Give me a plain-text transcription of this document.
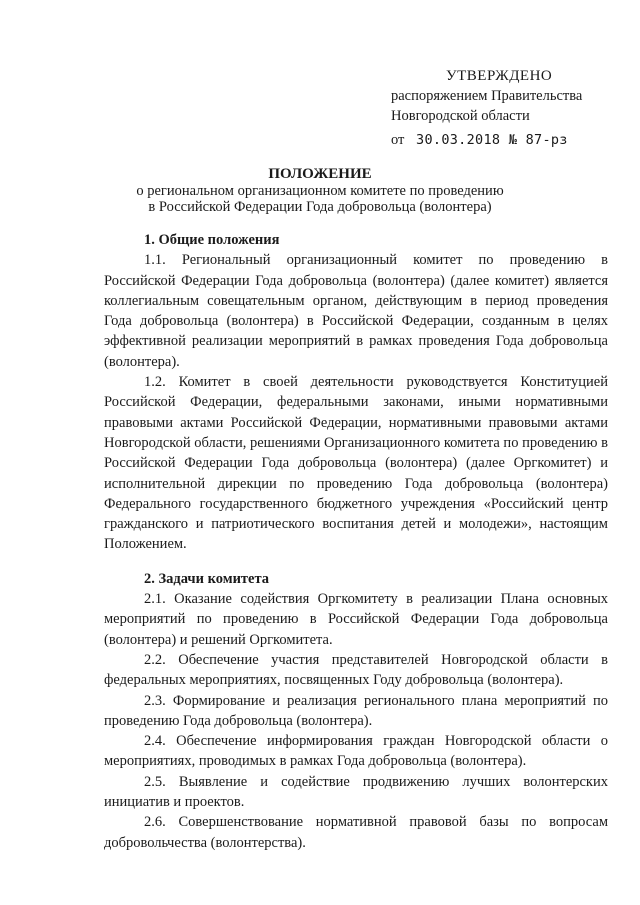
УТВЕРЖДЕНО
распоряжением Правительства
Новгородской области
от 30.03.2018 № 87-рз
ПОЛОЖЕНИЕ
о региональном организационном комитете по проведению
в Российской Федерации Года добровольца (волонтера)

1. Общие положения

1.1. Региональный организационный комитет по проведению в Российской Федерации Года добровольца (волонтера) (далее комитет) является коллегиальным совещательным органом, действующим в период проведения Года добровольца (волонтера) в Российской Федерации, созданным в целях эффективной реализации мероприятий в рамках проведения Года добровольца (волонтера).

1.2. Комитет в своей деятельности руководствуется Конституцией Российской Федерации, федеральными законами, иными нормативными правовыми актами Российской Федерации, нормативными правовыми актами Новгородской области, решениями Организационного комитета по проведению в Российской Федерации Года добровольца (волонтера) (далее Оргкомитет) и исполнительной дирекции по проведению Года добровольца (волонтера) Федерального государственного бюджетного учреждения «Российский центр гражданского и патриотического воспитания детей и молодежи», настоящим Положением.

2. Задачи комитета

2.1. Оказание содействия Оргкомитету в реализации Плана основных мероприятий по проведению в Российской Федерации Года добровольца (волонтера) и решений Оргкомитета.

2.2. Обеспечение участия представителей Новгородской области в федеральных мероприятиях, посвященных Году добровольца (волонтера).

2.3. Формирование и реализация регионального плана мероприятий по проведению Года добровольца (волонтера).

2.4. Обеспечение информирования граждан Новгородской области о мероприятиях, проводимых в рамках Года добровольца (волонтера).

2.5. Выявление и содействие продвижению лучших волонтерских инициатив и проектов.

2.6. Совершенствование нормативной правовой базы по вопросам добровольчества (волонтерства).
